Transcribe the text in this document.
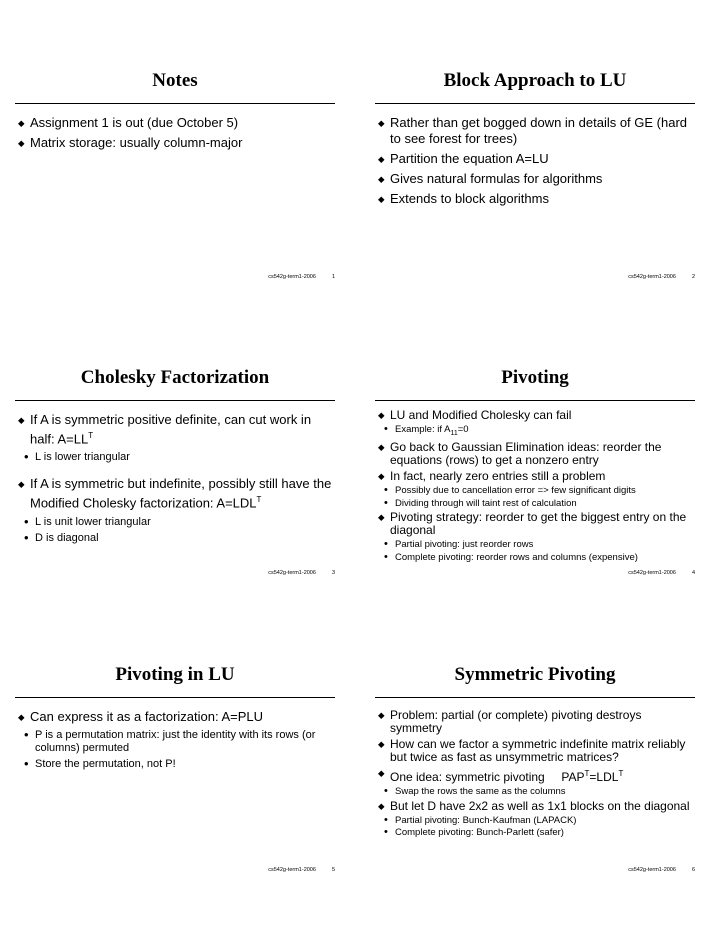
Notes
◆ Assignment 1 is out (due October 5)
◆ Matrix storage: usually column-major
cs542g-term1-2006	1
Block Approach to LU
◆ Rather than get bogged down in details of GE (hard to see forest for trees)
◆ Partition the equation A=LU
◆ Gives natural formulas for algorithms
◆ Extends to block algorithms
cs542g-term1-2006	2
Cholesky Factorization
◆ If A is symmetric positive definite, can cut work in half: $A=LL^T$
• L is lower triangular
◆ If A is symmetric but indefinite, possibly still have the Modified Cholesky factorization: $A=LDL^T$
• L is unit lower triangular
• D is diagonal
cs542g-term1-2006	3
Pivoting
◆ LU and Modified Cholesky can fail
• Example: if $A_{11}=0$
◆ Go back to Gaussian Elimination ideas: reorder the equations (rows) to get a nonzero entry
◆ In fact, nearly zero entries still a problem
• Possibly due to cancellation error => few significant digits
• Dividing through will taint rest of calculation
◆ Pivoting strategy: reorder to get the biggest entry on the diagonal
• Partial pivoting: just reorder rows
• Complete pivoting: reorder rows and columns (expensive)
cs542g-term1-2006	4
Pivoting in LU
◆ Can express it as a factorization: A=PLU
• P is a permutation matrix: just the identity with its rows (or columns) permuted
• Store the permutation, not P!
cs542g-term1-2006	5
Symmetric Pivoting
◆ Problem: partial (or complete) pivoting destroys symmetry
◆ How can we factor a symmetric indefinite matrix reliably but twice as fast as unsymmetric matrices?
◆ One idea: symmetric pivoting     $PAP^T=LDL^T$
• Swap the rows the same as the columns
◆ But let D have 2x2 as well as 1x1 blocks on the diagonal
• Partial pivoting: Bunch-Kaufman (LAPACK)
• Complete pivoting: Bunch-Parlett (safer)
cs542g-term1-2006	6
